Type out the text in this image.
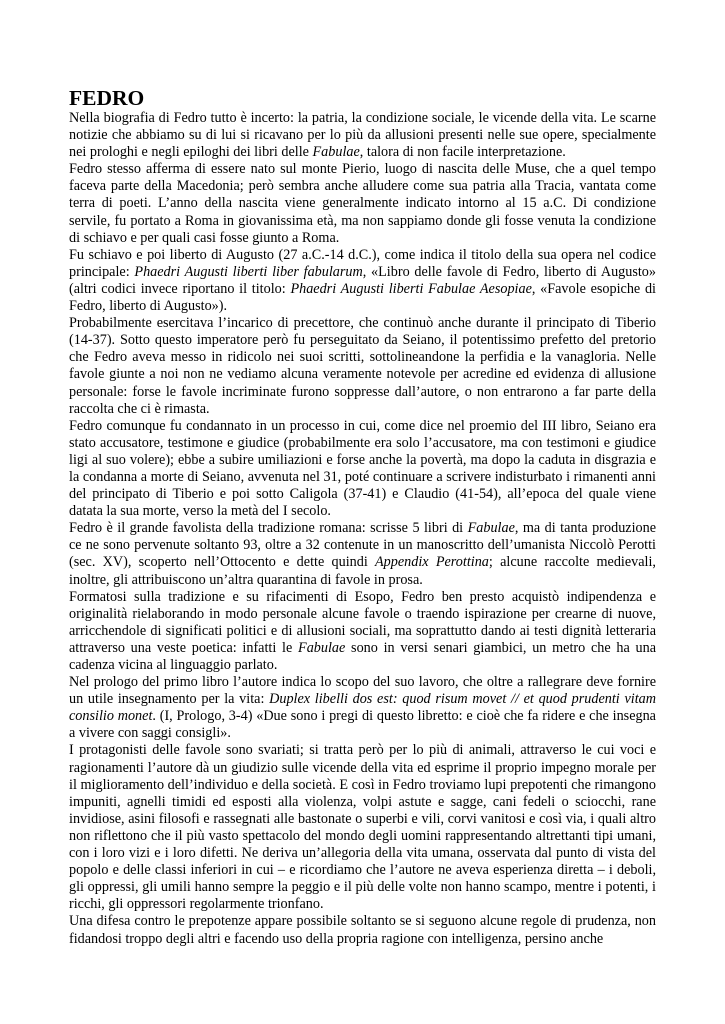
FEDRO

Nella biografia di Fedro tutto è incerto: la patria, la condizione sociale, le vicende della vita. Le scarne notizie che abbiamo su di lui si ricavano per lo più da allusioni presenti nelle sue opere, specialmente nei prologhi e negli epiloghi dei libri delle Fabulae, talora di non facile interpretazione.

Fedro stesso afferma di essere nato sul monte Pierio, luogo di nascita delle Muse, che a quel tempo faceva parte della Macedonia; però sembra anche alludere come sua patria alla Tracia, vantata come terra di poeti. L’anno della nascita viene generalmente indicato intorno al 15 a.C. Di condizione servile, fu portato a Roma in giovanissima età, ma non sappiamo donde gli fosse venuta la condizione di schiavo e per quali casi fosse giunto a Roma.

Fu schiavo e poi liberto di Augusto (27 a.C.-14 d.C.), come indica il titolo della sua opera nel codice principale: Phaedri Augusti liberti liber fabularum, «Libro delle favole di Fedro, liberto di Augusto» (altri codici invece riportano il titolo: Phaedri Augusti liberti Fabulae Aesopiae, «Favole esopiche di Fedro, liberto di Augusto»).

Probabilmente esercitava l’incarico di precettore, che continuò anche durante il principato di Tiberio (14-37). Sotto questo imperatore però fu perseguitato da Seiano, il potentissimo prefetto del pretorio che Fedro aveva messo in ridicolo nei suoi scritti, sottolineandone la perfidia e la vanagloria. Nelle favole giunte a noi non ne vediamo alcuna veramente notevole per acredine ed evidenza di allusione personale: forse le favole incriminate furono soppresse dall’autore, o non entrarono a far parte della raccolta che ci è rimasta.

Fedro comunque fu condannato in un processo in cui, come dice nel proemio del III libro, Seiano era stato accusatore, testimone e giudice (probabilmente era solo l’accusatore, ma con testimoni e giudice ligi al suo volere); ebbe a subire umiliazioni e forse anche la povertà, ma dopo la caduta in disgrazia e la condanna a morte di Seiano, avvenuta nel 31, poté continuare a scrivere indisturbato i rimanenti anni del principato di Tiberio e poi sotto Caligola (37-41) e Claudio (41-54), all’epoca del quale viene datata la sua morte, verso la metà del I secolo.

Fedro è il grande favolista della tradizione romana: scrisse 5 libri di Fabulae, ma di tanta produzione ce ne sono pervenute soltanto 93, oltre a 32 contenute in un manoscritto dell’umanista Niccolò Perotti (sec. XV), scoperto nell’Ottocento e dette quindi Appendix Perottina; alcune raccolte medievali, inoltre, gli attribuiscono un’altra quarantina di favole in prosa.

Formatosi sulla tradizione e su rifacimenti di Esopo, Fedro ben presto acquistò indipendenza e originalità rielaborando in modo personale alcune favole o traendo ispirazione per crearne di nuove, arricchendole di significati politici e di allusioni sociali, ma soprattutto dando ai testi dignità letteraria attraverso una veste poetica: infatti le Fabulae sono in versi senari giambici, un metro che ha una cadenza vicina al linguaggio parlato.

Nel prologo del primo libro l’autore indica lo scopo del suo lavoro, che oltre a rallegrare deve fornire un utile insegnamento per la vita: Duplex libelli dos est: quod risum movet // et quod prudenti vitam consilio monet. (I, Prologo, 3-4) «Due sono i pregi di questo libretto: e cioè che fa ridere e che insegna a vivere con saggi consigli».

I protagonisti delle favole sono svariati; si tratta però per lo più di animali, attraverso le cui voci e ragionamenti l’autore dà un giudizio sulle vicende della vita ed esprime il proprio impegno morale per il miglioramento dell’individuo e della società. E così in Fedro troviamo lupi prepotenti che rimangono impuniti, agnelli timidi ed esposti alla violenza, volpi astute e sagge, cani fedeli o sciocchi, rane invidiose, asini filosofi e rassegnati alle bastonate o superbi e vili, corvi vanitosi e così via, i quali altro non riflettono che il più vasto spettacolo del mondo degli uomini rappresentando altrettanti tipi umani, con i loro vizi e i loro difetti. Ne deriva un’allegoria della vita umana, osservata dal punto di vista del popolo e delle classi inferiori in cui – e ricordiamo che l’autore ne aveva esperienza diretta – i deboli, gli oppressi, gli umili hanno sempre la peggio e il più delle volte non hanno scampo, mentre i potenti, i ricchi, gli oppressori regolarmente trionfano.

Una difesa contro le prepotenze appare possibile soltanto se si seguono alcune regole di prudenza, non fidandosi troppo degli altri e facendo uso della propria ragione con intelligenza, persino anche
